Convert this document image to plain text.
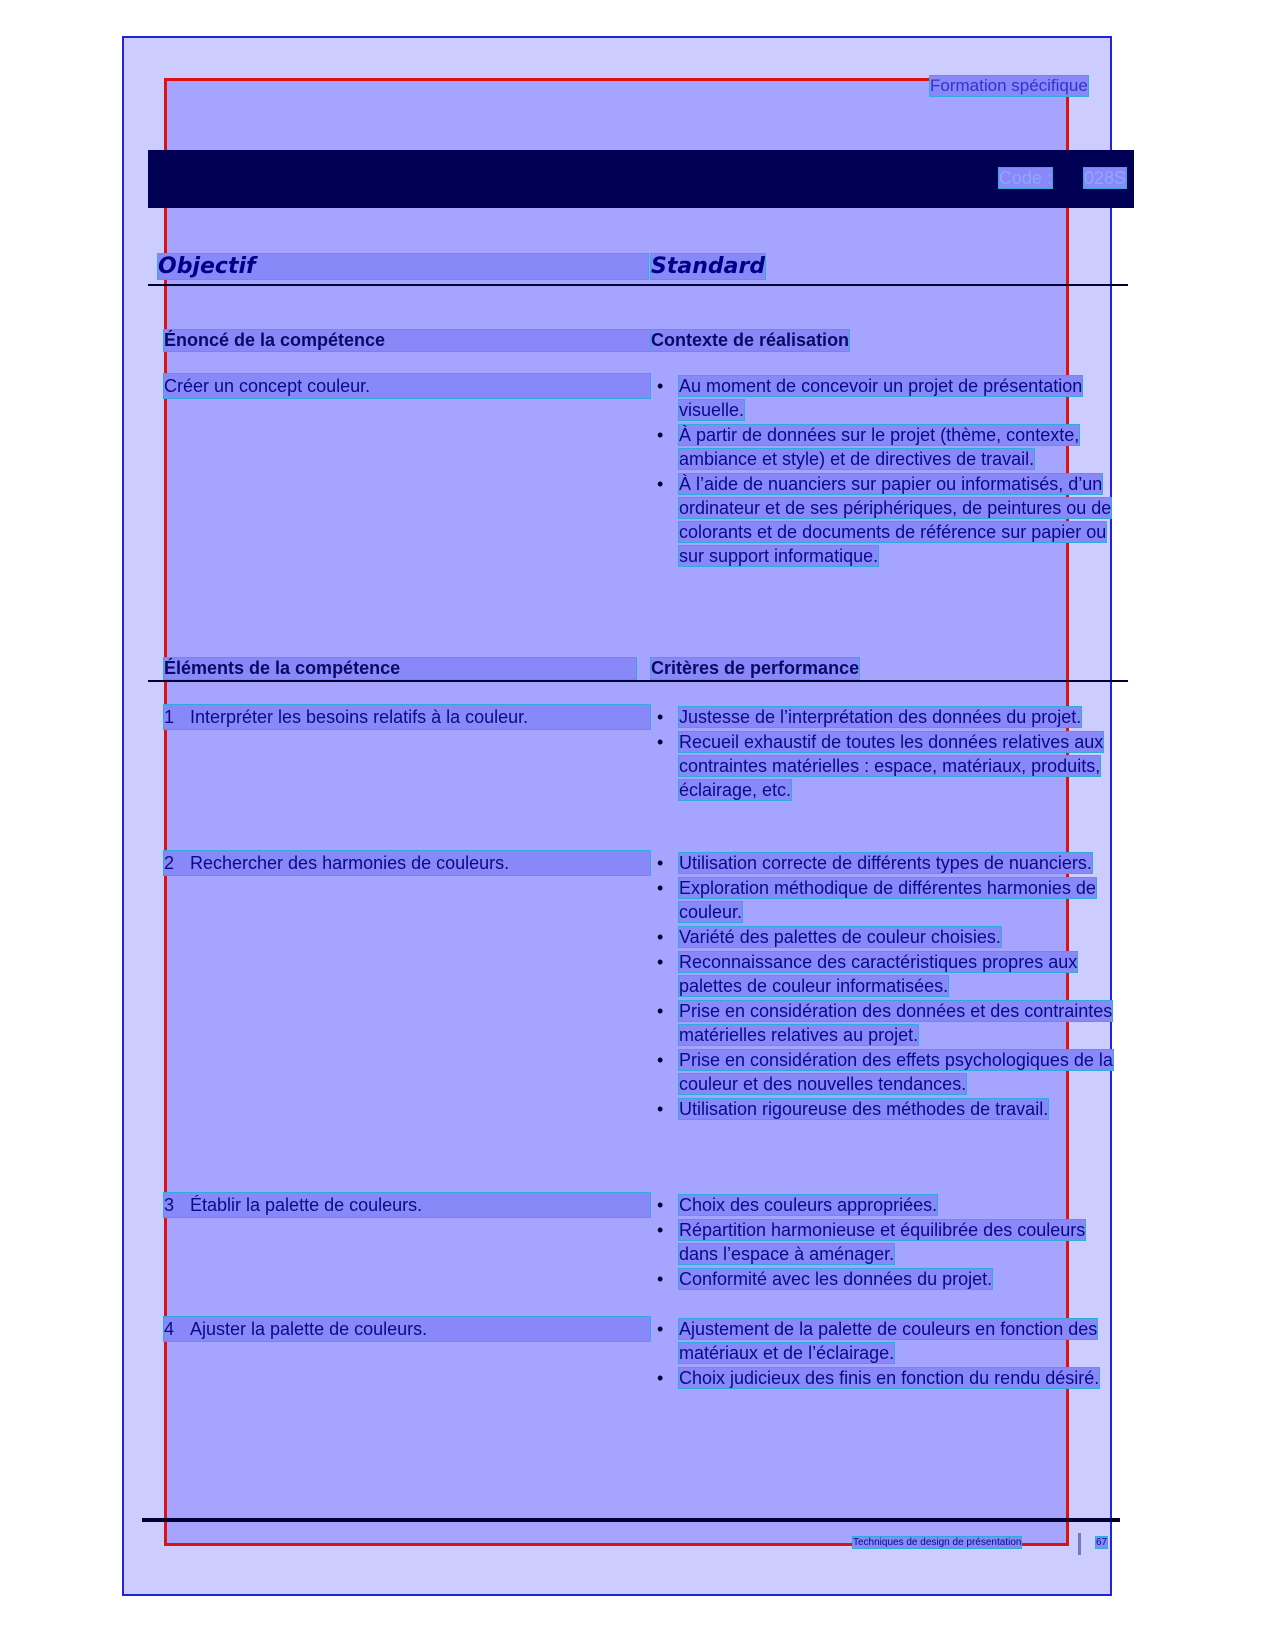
Formation spécifique
Code : 028S
Objectif	Standard
Énoncé de la compétence	Contexte de réalisation
Créer un concept couleur.	• Au moment de concevoir un projet de présentation visuelle.
• À partir de données sur le projet (thème, contexte, ambiance et style) et de directives de travail.
• À l’aide de nuanciers sur papier ou informatisés, d’un ordinateur et de ses périphériques, de peintures ou de colorants et de documents de référence sur papier ou sur support informatique.
Éléments de la compétence	Critères de performance
1 Interpréter les besoins relatifs à la couleur.	• Justesse de l’interprétation des données du projet.
• Recueil exhaustif de toutes les données relatives aux contraintes matérielles : espace, matériaux, produits, éclairage, etc.
2 Rechercher des harmonies de couleurs.	• Utilisation correcte de différents types de nuanciers.
• Exploration méthodique de différentes harmonies de couleur.
• Variété des palettes de couleur choisies.
• Reconnaissance des caractéristiques propres aux palettes de couleur informatisées.
• Prise en considération des données et des contraintes matérielles relatives au projet.
• Prise en considération des effets psychologiques de la couleur et des nouvelles tendances.
• Utilisation rigoureuse des méthodes de travail.
3 Établir la palette de couleurs.	• Choix des couleurs appropriées.
• Répartition harmonieuse et équilibrée des couleurs dans l’espace à aménager.
• Conformité avec les données du projet.
4 Ajuster la palette de couleurs.	• Ajustement de la palette de couleurs en fonction des matériaux et de l’éclairage.
• Choix judicieux des finis en fonction du rendu désiré.
Techniques de design de présentation	67
